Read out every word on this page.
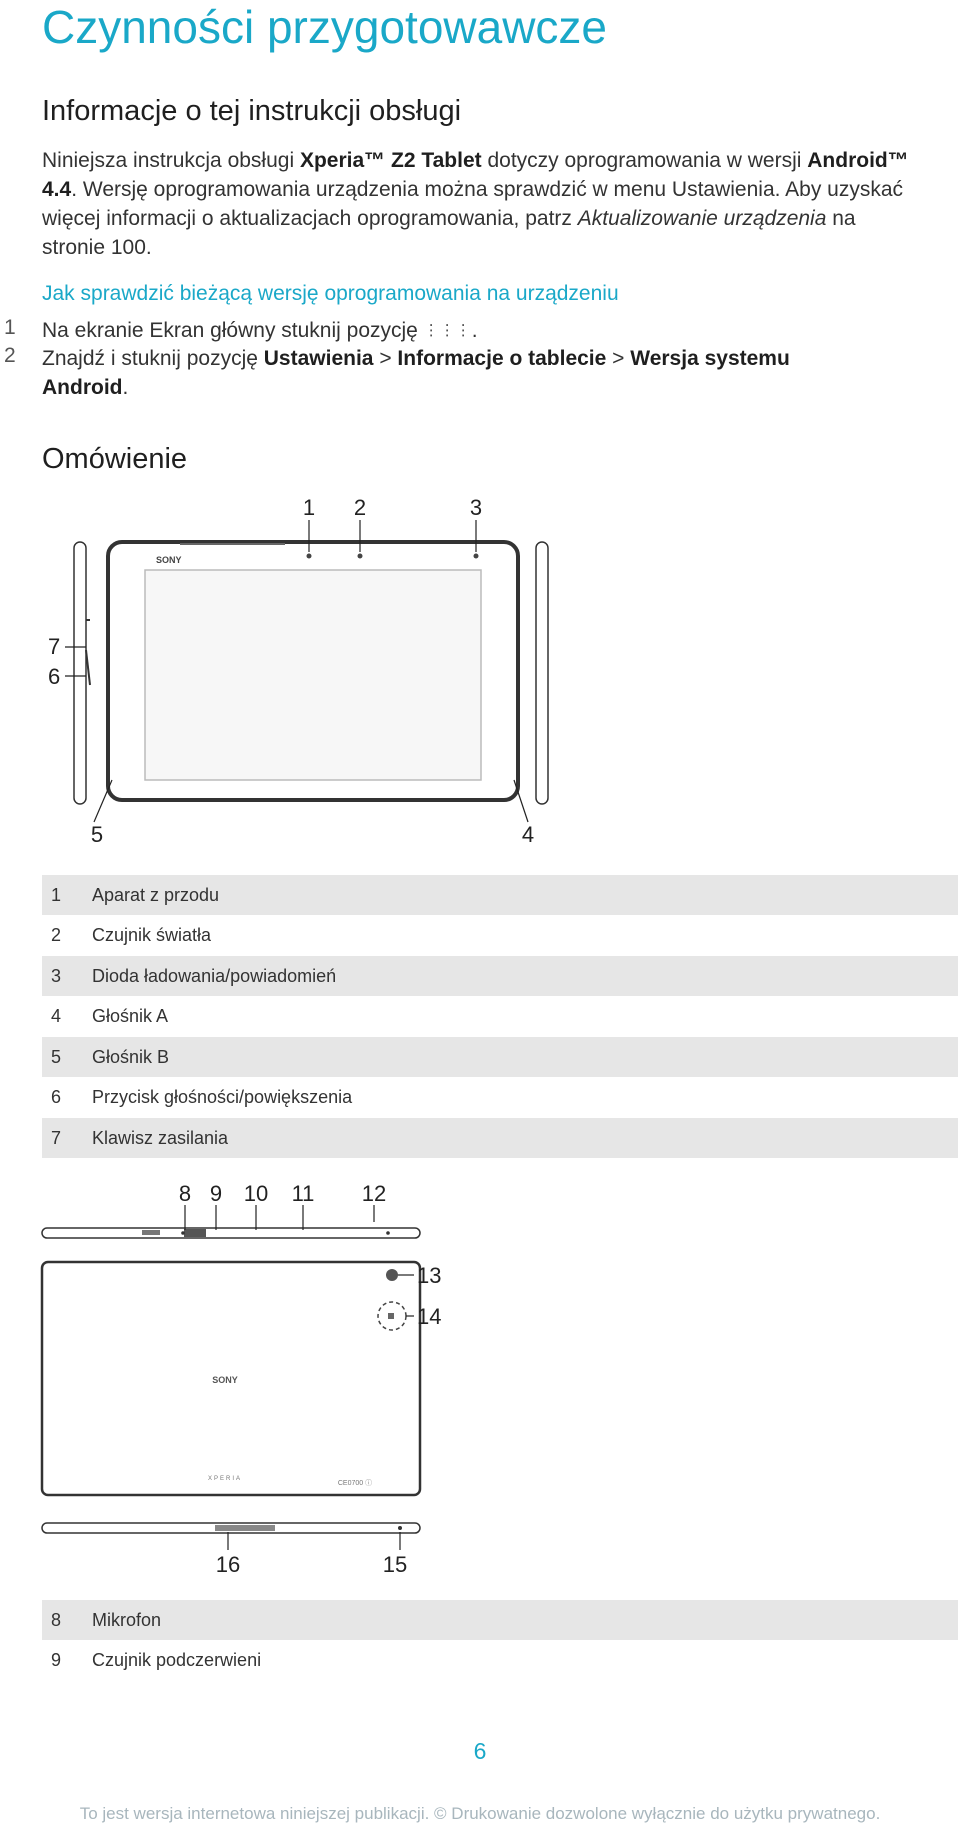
Czynności przygotowawcze
Informacje o tej instrukcji obsługi
Niniejsza instrukcja obsługi Xperia™ Z2 Tablet dotyczy oprogramowania w wersji Android™ 4.4. Wersję oprogramowania urządzenia można sprawdzić w menu Ustawienia. Aby uzyskać więcej informacji o aktualizacjach oprogramowania, patrz Aktualizowanie urządzenia na stronie 100.
Jak sprawdzić bieżącą wersję oprogramowania na urządzeniu
1 Na ekranie Ekran główny stuknij pozycję ⋮⋮⋮.
2 Znajdź i stuknij pozycję Ustawienia > Informacje o tablecie > Wersja systemu Android.
Omówienie
SONY
1 2	3
4
5
6
7
1 Aparat z przodu
2 Czujnik światła
3 Dioda ładowania/powiadomień
4 Głośnik A
5 Głośnik B
6 Przycisk głośności/powiększenia
7 Klawisz zasilania
SONY
XPERIA
CE0700 ⓘ
8 9 10 11 12
13
14
15
16
8 Mikrofon
9 Czujnik podczerwieni
6
To jest wersja internetowa niniejszej publikacji. © Drukowanie dozwolone wyłącznie do użytku prywatnego.
